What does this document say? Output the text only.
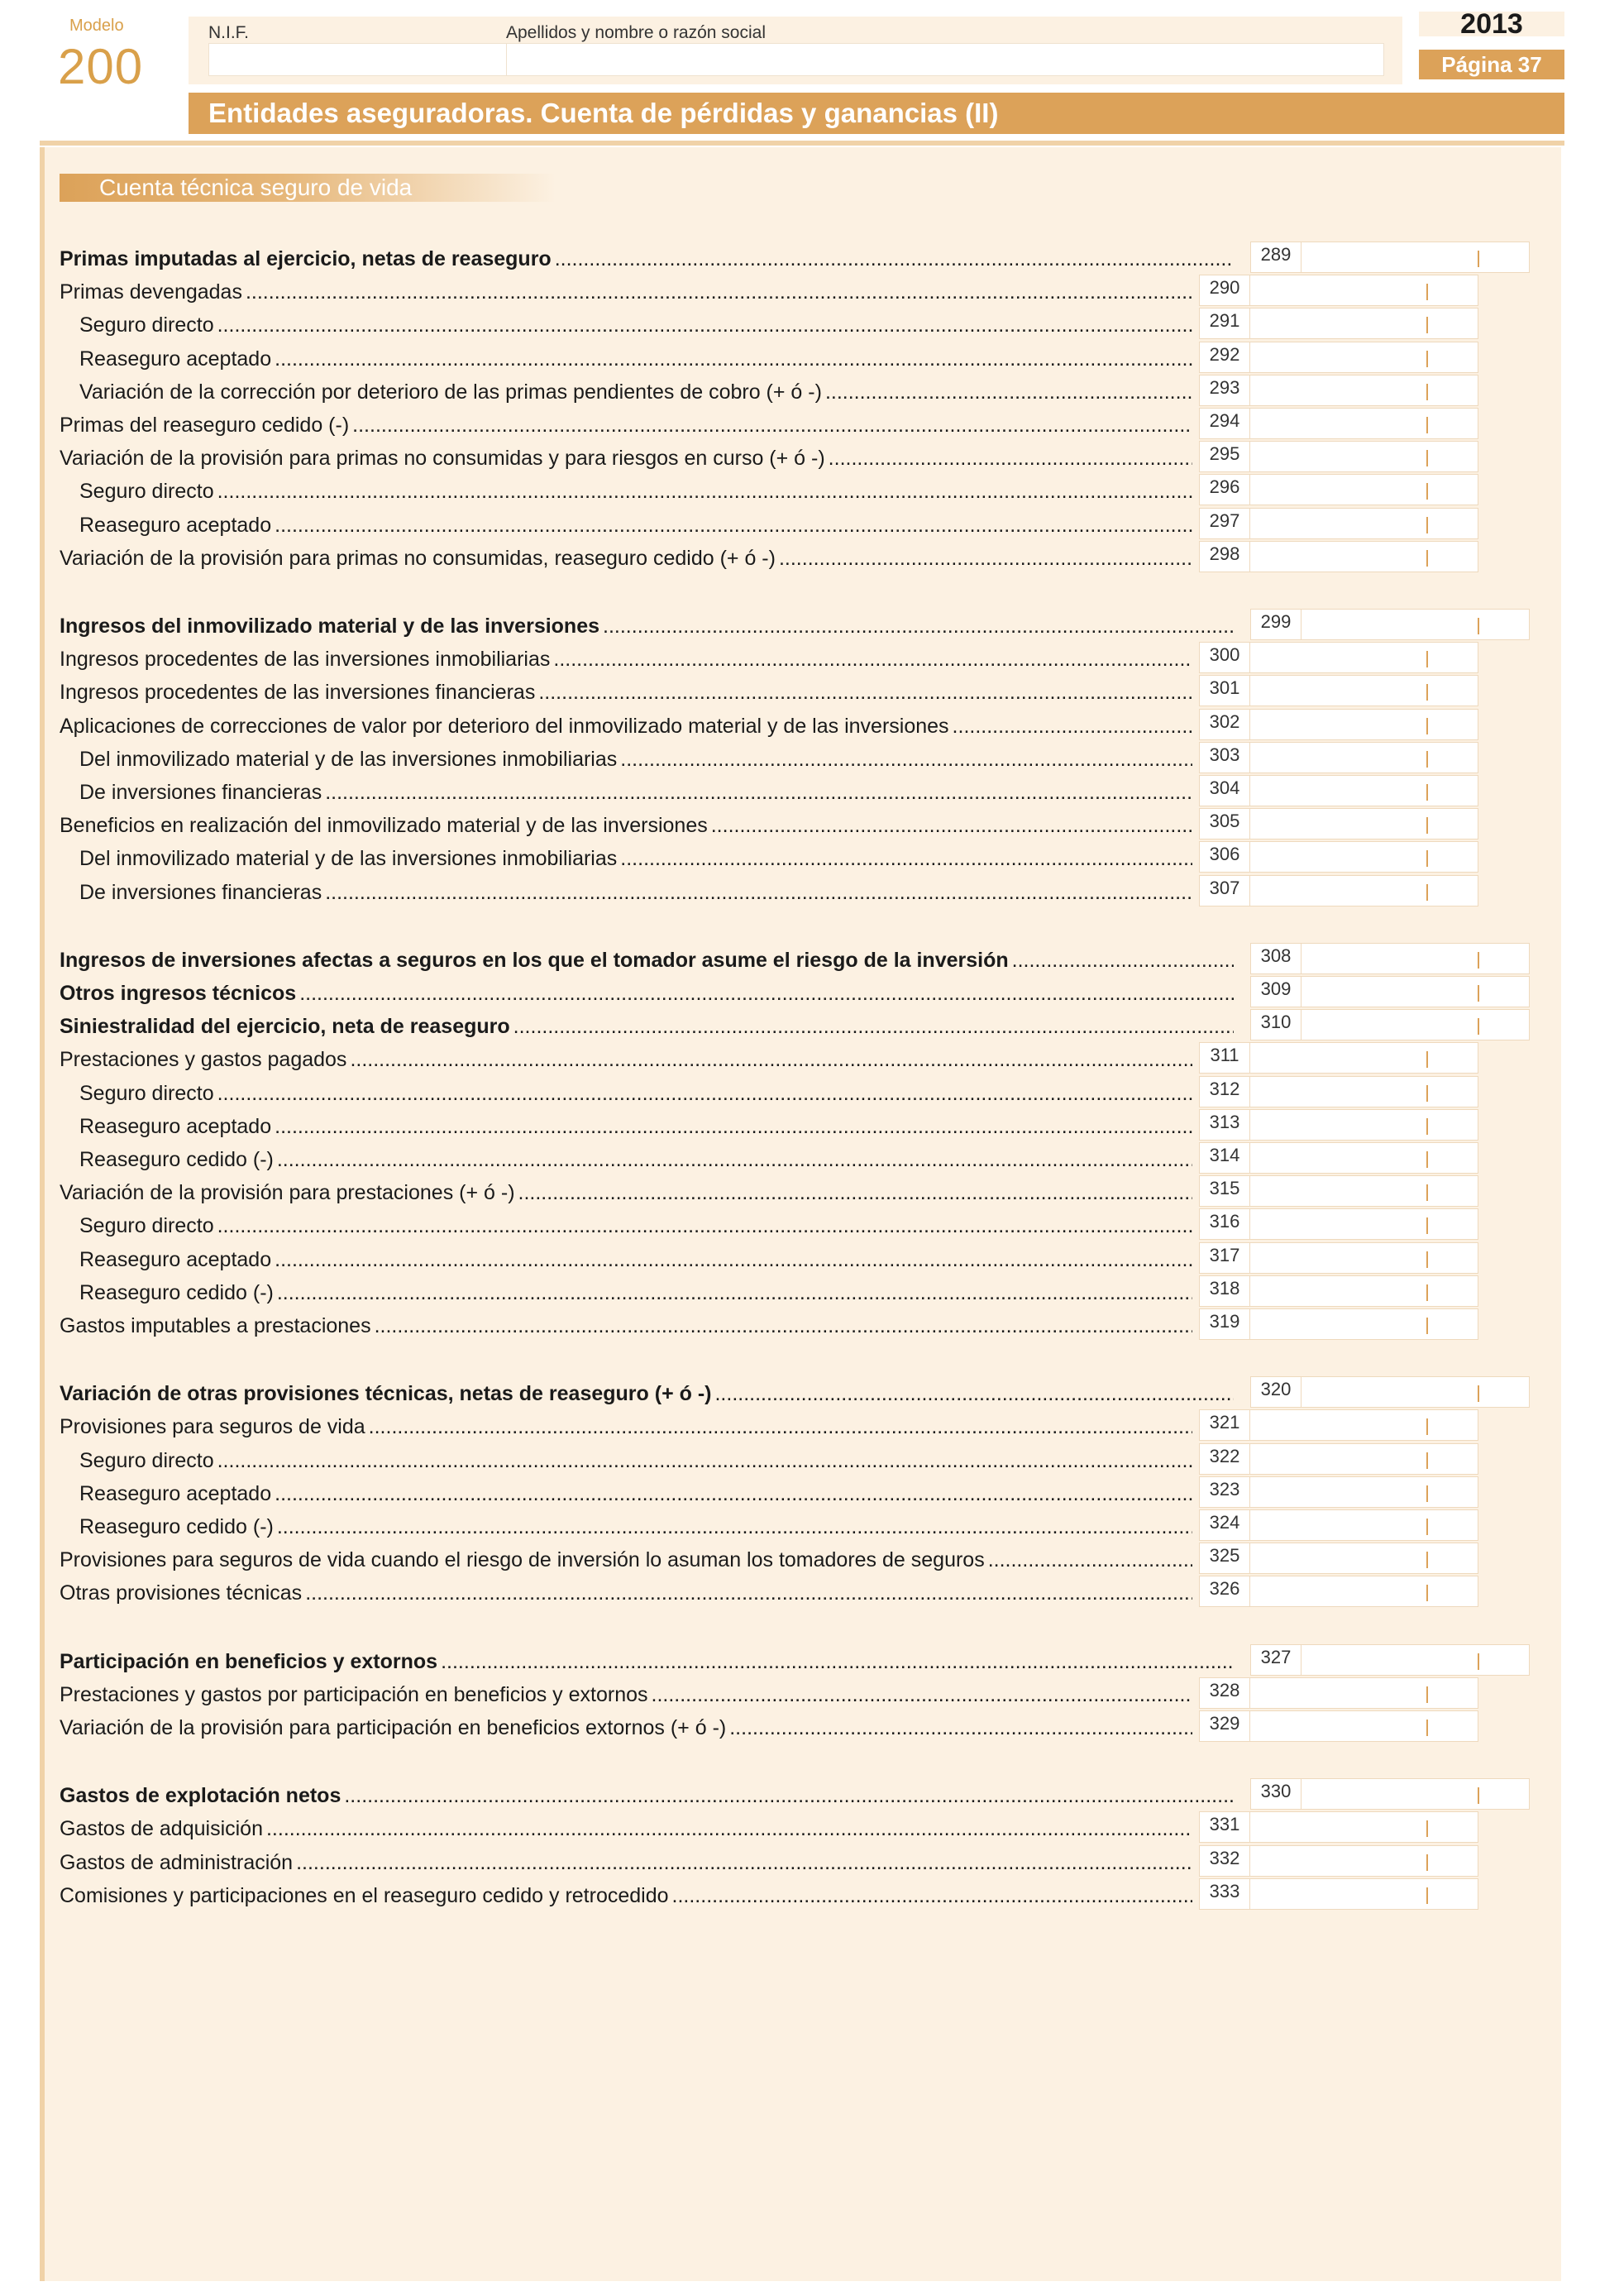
Modelo
200
N.I.F.	Apellidos y nombre o razón social	2013
Página 37
Entidades aseguradoras. Cuenta de pérdidas y ganancias (II)
Cuenta técnica seguro de vida
Primas imputadas al ejercicio, netas de reaseguro .....	289
Primas devengadas .....	290
Seguro directo .....	291
Reaseguro aceptado .....	292
Variación de la corrección por deterioro de las primas pendientes de cobro (+ ó -) .....	293
Primas del reaseguro cedido (-) .....	294
Variación de la provisión para primas no consumidas y para riesgos en curso (+ ó -) .....	295
Seguro directo .....	296
Reaseguro aceptado .....	297
Variación de la provisión para primas no consumidas, reaseguro cedido (+ ó -) .....	298
Ingresos del inmovilizado material y de las inversiones .....	299
Ingresos procedentes de las inversiones inmobiliarias .....	300
Ingresos procedentes de las inversiones financieras .....	301
Aplicaciones de correcciones de valor por deterioro del inmovilizado material y de las inversiones .....	302
Del inmovilizado material y de las inversiones inmobiliarias .....	303
De inversiones financieras .....	304
Beneficios en realización del inmovilizado material y de las inversiones .....	305
Del inmovilizado material y de las inversiones inmobiliarias .....	306
De inversiones financieras .....	307
Ingresos de inversiones afectas a seguros en los que el tomador asume el riesgo de la inversión .....	308
Otros ingresos técnicos .....	309
Siniestralidad del ejercicio, neta de reaseguro .....	310
Prestaciones y gastos pagados .....	311
Seguro directo .....	312
Reaseguro aceptado .....	313
Reaseguro cedido (-) .....	314
Variación de la provisión para prestaciones (+ ó -) .....	315
Seguro directo .....	316
Reaseguro aceptado .....	317
Reaseguro cedido (-) .....	318
Gastos imputables a prestaciones .....	319
Variación de otras provisiones técnicas, netas de reaseguro (+ ó -) .....	320
Provisiones para seguros de vida .....	321
Seguro directo .....	322
Reaseguro aceptado .....	323
Reaseguro cedido (-) .....	324
Provisiones para seguros de vida cuando el riesgo de inversión lo asuman los tomadores de seguros .....	325
Otras provisiones técnicas .....	326
Participación en beneficios y extornos .....	327
Prestaciones y gastos por participación en beneficios y extornos .....	328
Variación de la provisión para participación en beneficios extornos (+ ó -) .....	329
Gastos de explotación netos .....	330
Gastos de adquisición .....	331
Gastos de administración .....	332
Comisiones y participaciones en el reaseguro cedido y retrocedido .....	333
